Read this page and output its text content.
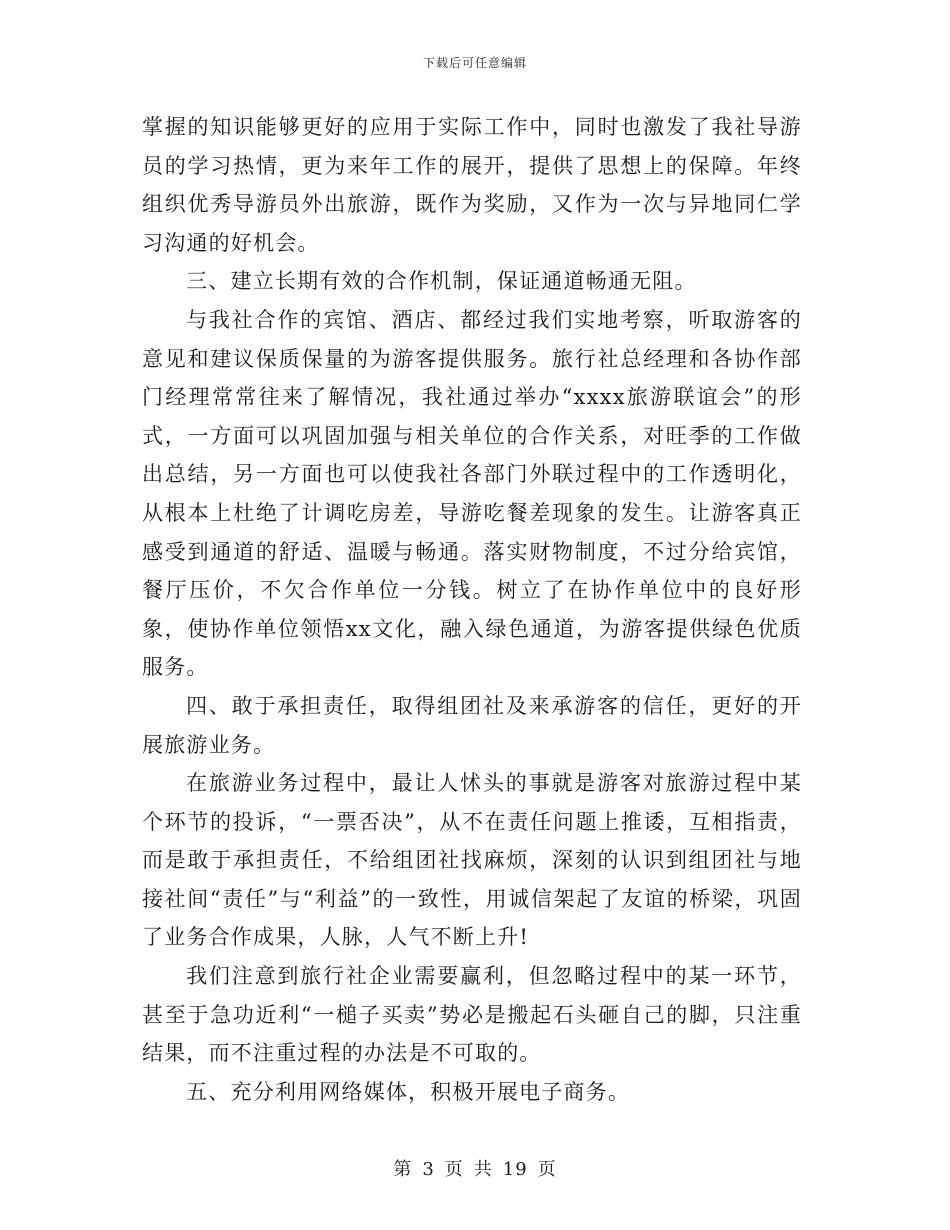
下载后可任意编辑

掌握的知识能够更好的应用于实际工作中，同时也激发了我社导游员的学习热情，更为来年工作的展开，提供了思想上的保障。年终组织优秀导游员外出旅游，既作为奖励，又作为一次与异地同仁学习沟通的好机会。

三、建立长期有效的合作机制，保证通道畅通无阻。

与我社合作的宾馆、酒店、都经过我们实地考察，听取游客的意见和建议保质保量的为游客提供服务。旅行社总经理和各协作部门经理常常往来了解情况，我社通过举办“xxxx旅游联谊会”的形式，一方面可以巩固加强与相关单位的合作关系，对旺季的工作做出总结，另一方面也可以使我社各部门外联过程中的工作透明化，从根本上杜绝了计调吃房差，导游吃餐差现象的发生。让游客真正感受到通道的舒适、温暖与畅通。落实财物制度，不过分给宾馆，餐厅压价，不欠合作单位一分钱。树立了在协作单位中的良好形象，使协作单位领悟xx文化，融入绿色通道，为游客提供绿色优质服务。

四、敢于承担责任，取得组团社及来承游客的信任，更好的开展旅游业务。

在旅游业务过程中，最让人怵头的事就是游客对旅游过程中某个环节的投诉，“一票否决”，从不在责任问题上推诿，互相指责，而是敢于承担责任，不给组团社找麻烦，深刻的认识到组团社与地接社间“责任”与“利益”的一致性，用诚信架起了友谊的桥梁，巩固了业务合作成果，人脉，人气不断上升!

我们注意到旅行社企业需要赢利，但忽略过程中的某一环节，甚至于急功近利“一槌子买卖”势必是搬起石头砸自己的脚，只注重结果，而不注重过程的办法是不可取的。

五、充分利用网络媒体，积极开展电子商务。

第 3 页 共 19 页
